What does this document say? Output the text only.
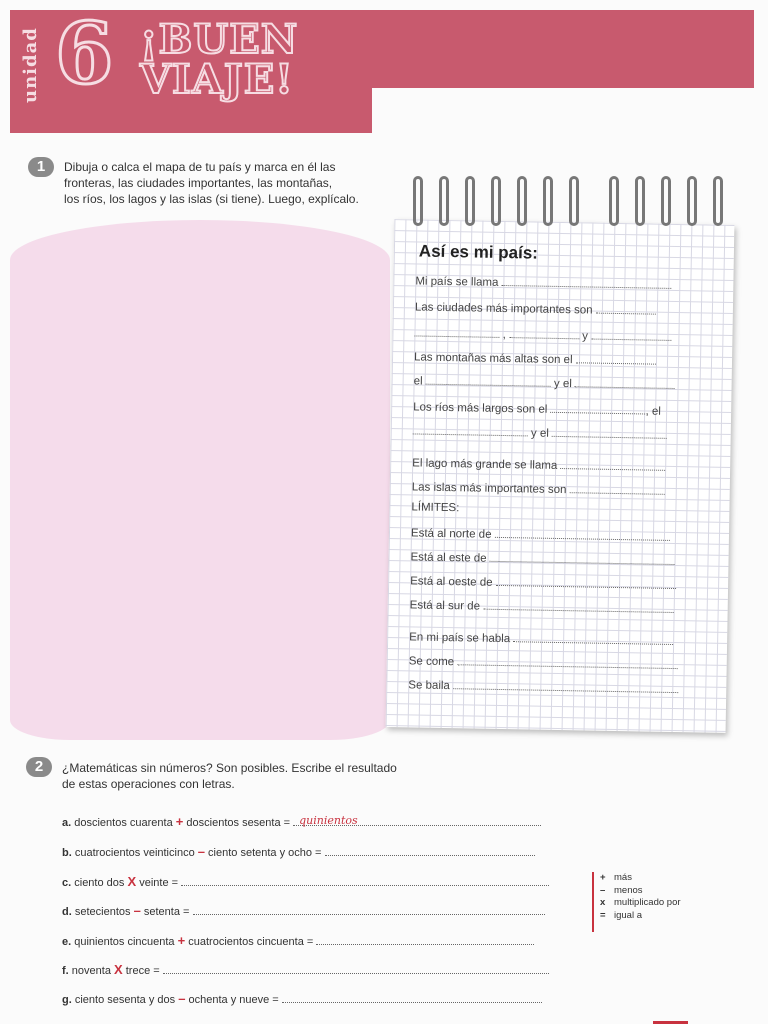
unidad 6 ¡BUEN
VIAJE!
1	Dibuja o calca el mapa de tu país y marca en él las
fronteras, las ciudades importantes, las montañas,
los ríos, los lagos y las islas (si tiene). Luego, explícalo.
Así es mi país:
Mi país se llama
Las ciudades más importantes son
,	y
Las montañas más altas son el
el	y el
Los ríos más largos son el	, el
y el
El lago más grande se llama
Las islas más importantes son
LÍMITES:
Está al norte de
Está al este de
Está al oeste de
Está al sur de
En mi país se habla
Se come
Se baila
2	¿Matemáticas sin números? Son posibles. Escribe el resultado
de estas operaciones con letras.
a. doscientos cuarenta + doscientos sesenta = quinientos
b. cuatrocientos veinticinco – ciento setenta y ocho =
c. ciento dos X veinte =
d. setecientos – setenta =
e. quinientos cincuenta + cuatrocientos cincuenta =
f. noventa X trece =
g. ciento sesenta y dos – ochenta y nueve =
+ más
– menos
x multiplicado por
= igual a
